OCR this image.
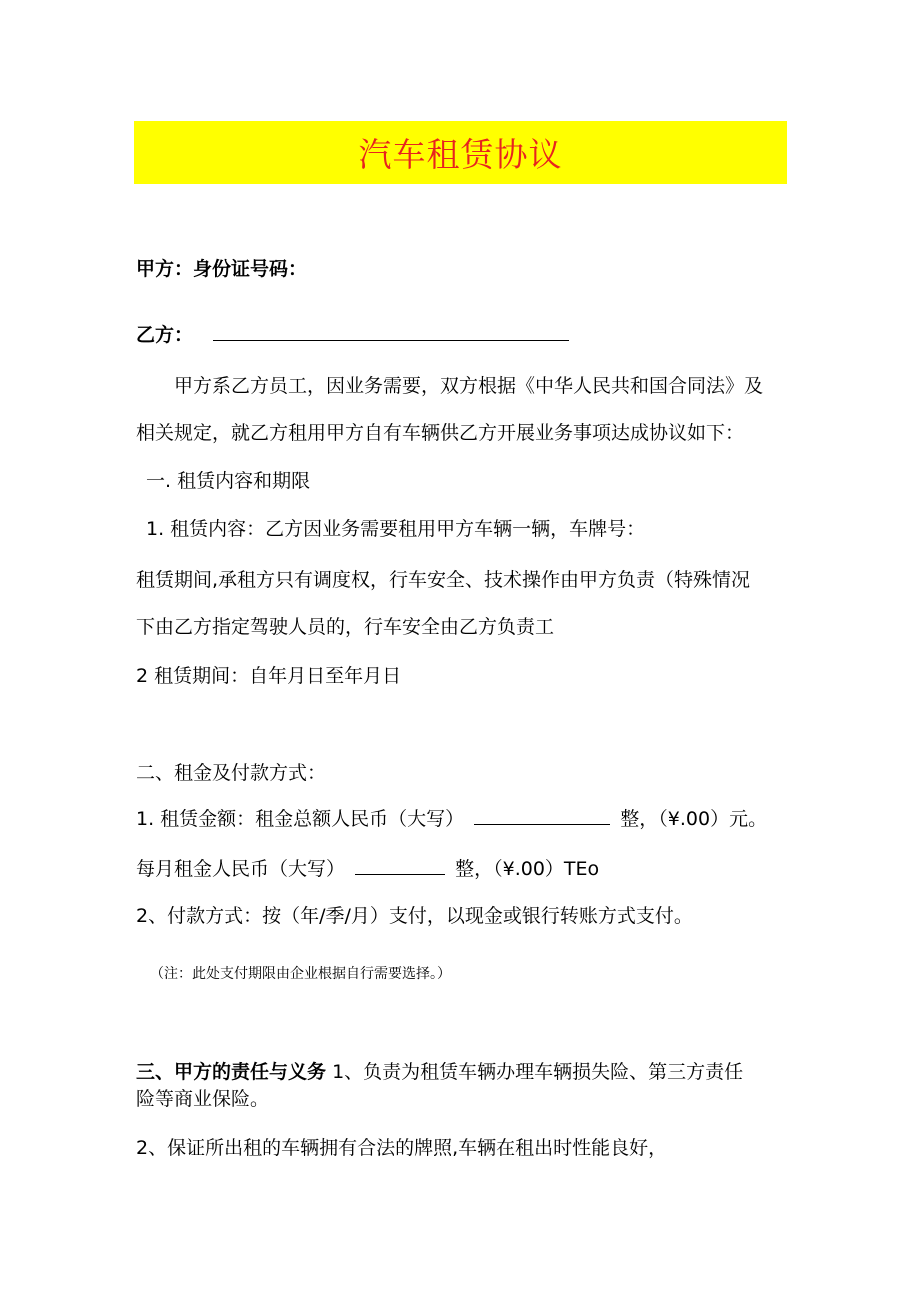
汽车租赁协议
甲方：身份证号码：
乙方：
甲方系乙方员工，因业务需要，双方根据《中华人民共和国合同法》及
相关规定，就乙方租用甲方自有车辆供乙方开展业务事项达成协议如下：
一. 租赁内容和期限
1. 租赁内容：乙方因业务需要租用甲方车辆一辆，车牌号：
租赁期间,承租方只有调度权，行车安全、技术操作由甲方负责（特殊情况
下由乙方指定驾驶人员的，行车安全由乙方负责工
2 租赁期间：自年月日至年月日
二、租金及付款方式：
1. 租赁金额：租金总额人民币（大写）	整，（¥.00）元。
每月租金人民币（大写）	整，（¥.00）TEo
2、付款方式：按（年/季/月）支付，以现金或银行转账方式支付。
（注：此处支付期限由企业根据自行需要选择。）
三、甲方的责任与义务 1、负责为租赁车辆办理车辆损失险、第三方责任
险等商业保险。
2、保证所出租的车辆拥有合法的牌照,车辆在租出时性能良好，
